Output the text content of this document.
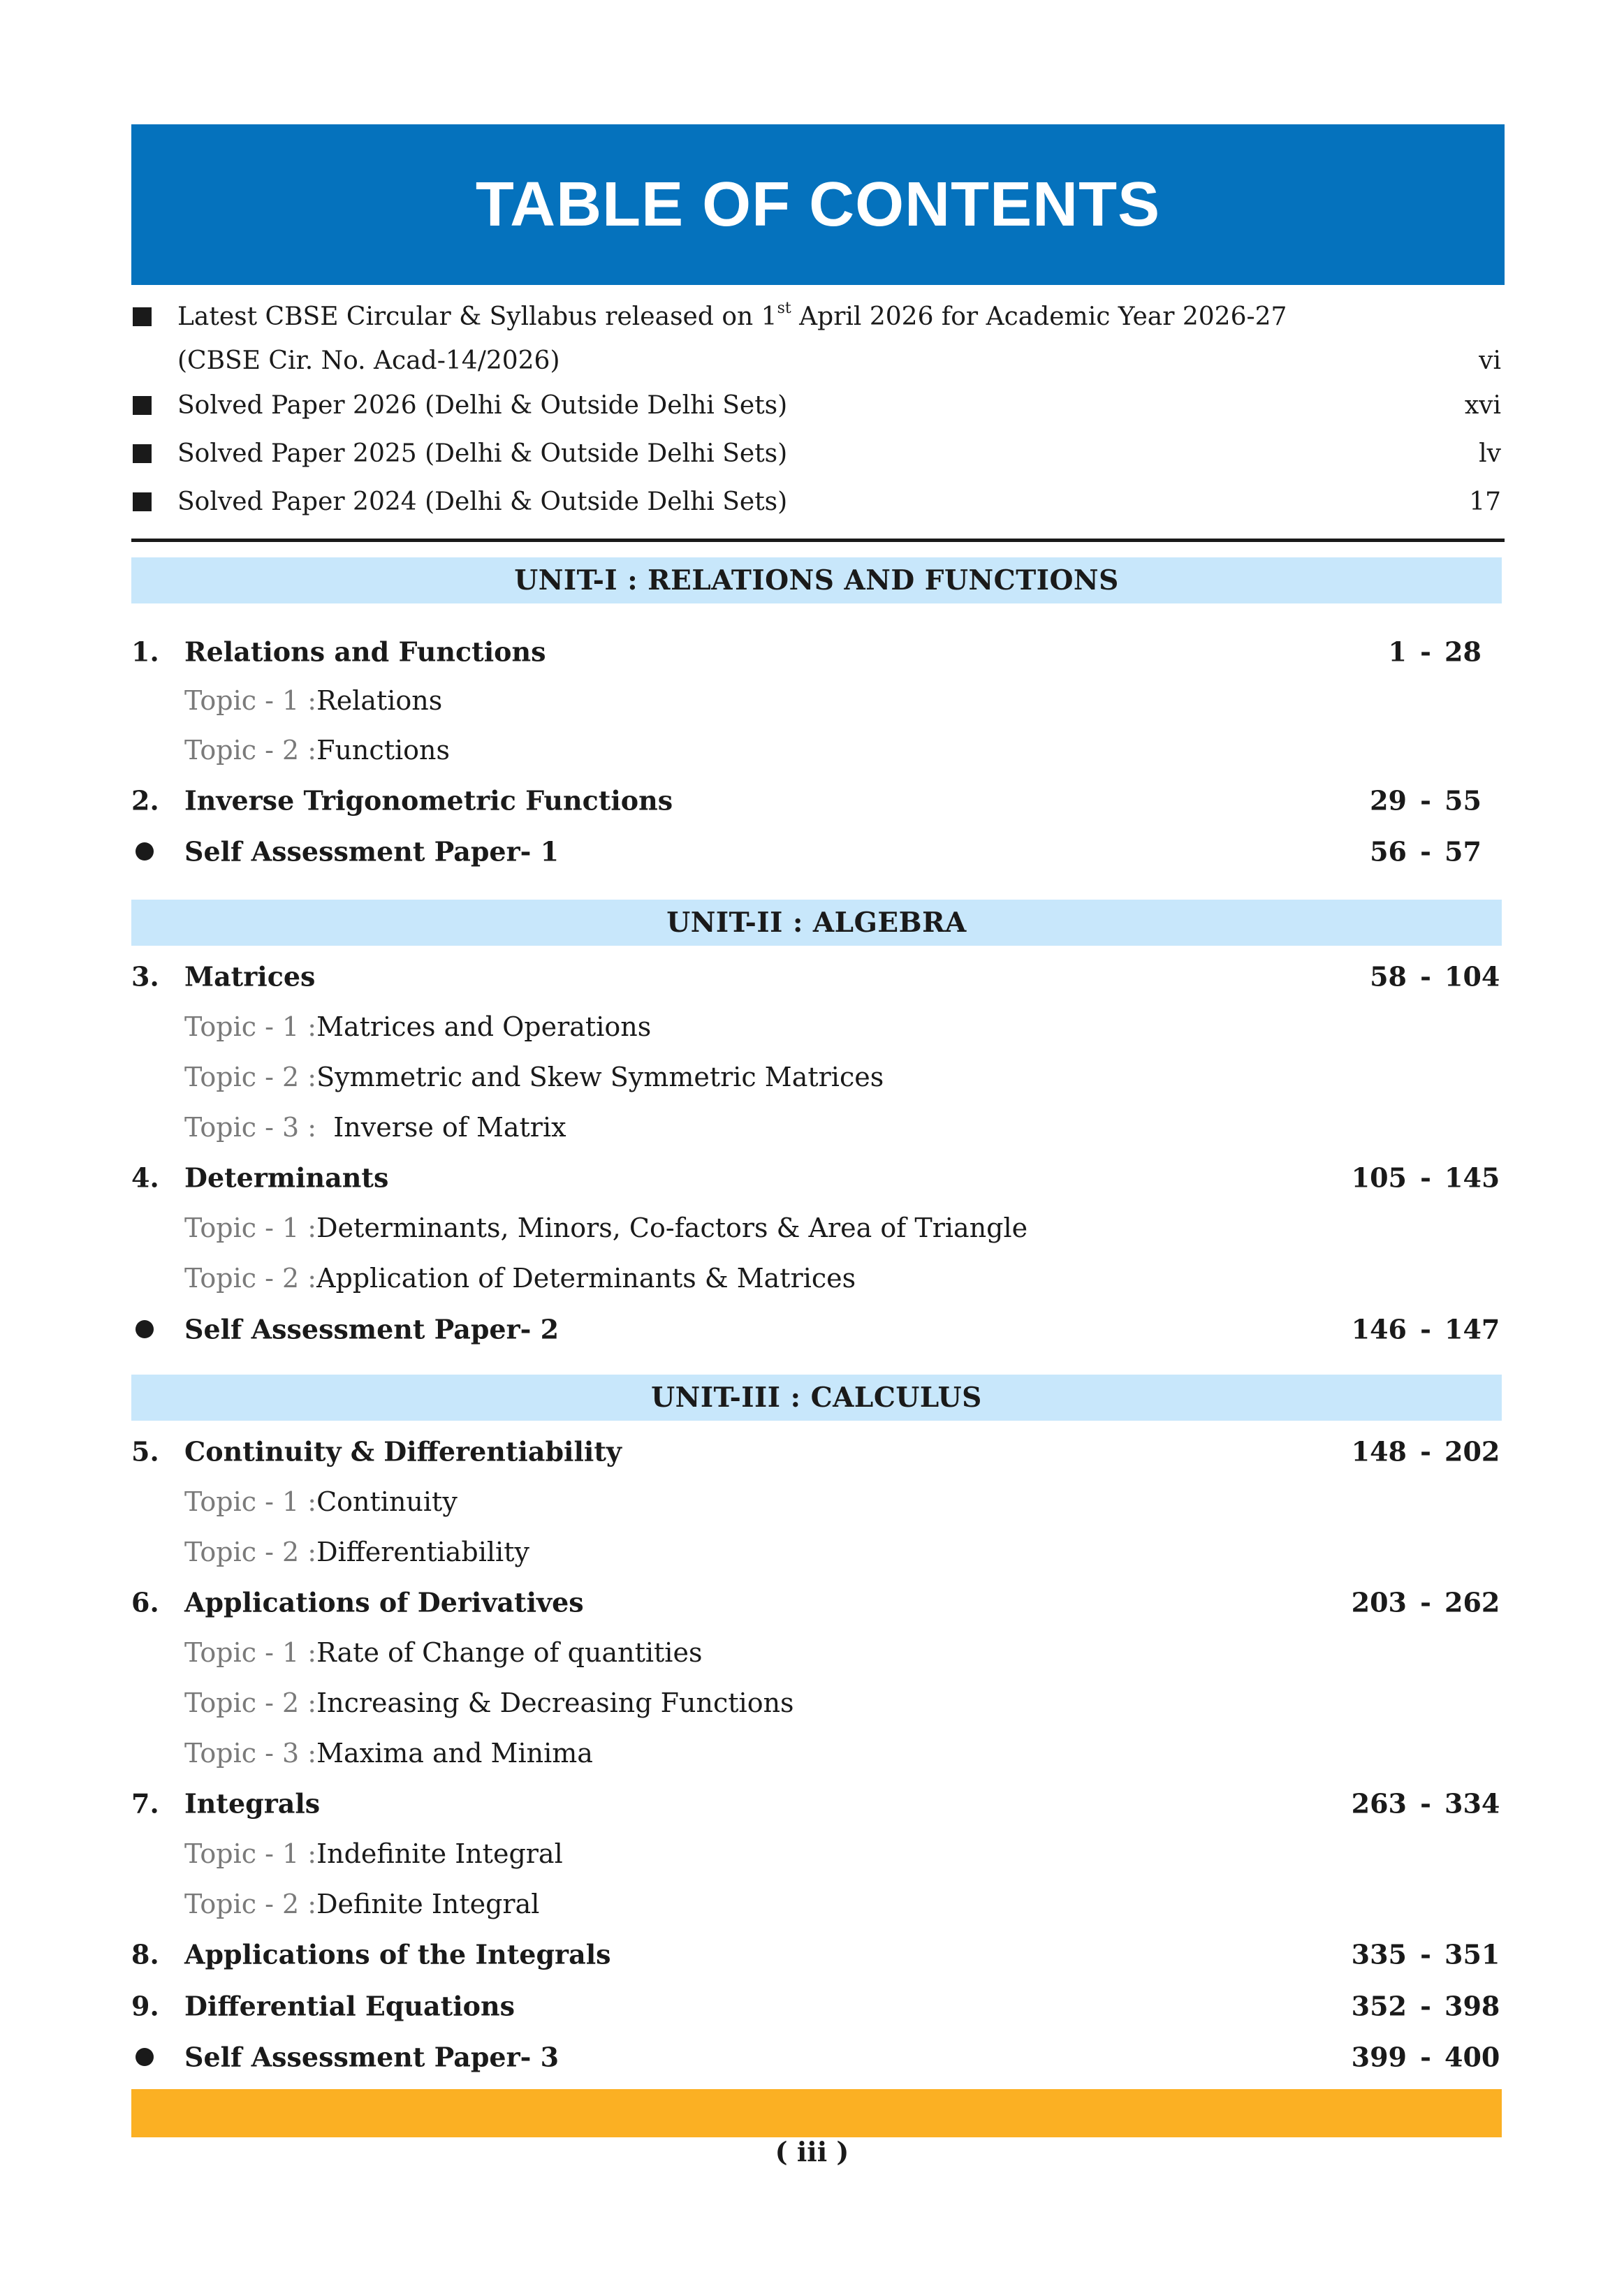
TABLE OF CONTENTS
Latest CBSE Circular & Syllabus released on 1st April 2026 for Academic Year 2026-27
(CBSE Cir. No. Acad-14/2026)	vi
Solved Paper 2026 (Delhi & Outside Delhi Sets)	xvi
Solved Paper 2025 (Delhi & Outside Delhi Sets)	lv
Solved Paper 2024 (Delhi & Outside Delhi Sets)	17
UNIT-I : RELATIONS AND FUNCTIONS
1. Relations and Functions	1 - 28
Topic - 1 : Relations
Topic - 2 : Functions
2. Inverse Trigonometric Functions	29 - 55
Self Assessment Paper- 1	56 - 57
UNIT-II : ALGEBRA
3. Matrices	58 - 104
Topic - 1 : Matrices and Operations
Topic - 2 : Symmetric and Skew Symmetric Matrices
Topic - 3 : Inverse of Matrix
4. Determinants	105 - 145
Topic - 1 : Determinants, Minors, Co-factors & Area of Triangle
Topic - 2 : Application of Determinants & Matrices
Self Assessment Paper- 2	146 - 147
UNIT-III : CALCULUS
5. Continuity & Differentiability	148 - 202
Topic - 1 : Continuity
Topic - 2 : Differentiability
6. Applications of Derivatives	203 - 262
Topic - 1 : Rate of Change of quantities
Topic - 2 : Increasing & Decreasing Functions
Topic - 3 : Maxima and Minima
7. Integrals	263 - 334
Topic - 1 : Indefinite Integral
Topic - 2 : Definite Integral
8. Applications of the Integrals	335 - 351
9. Differential Equations	352 - 398
Self Assessment Paper- 3	399 - 400
( iii )
